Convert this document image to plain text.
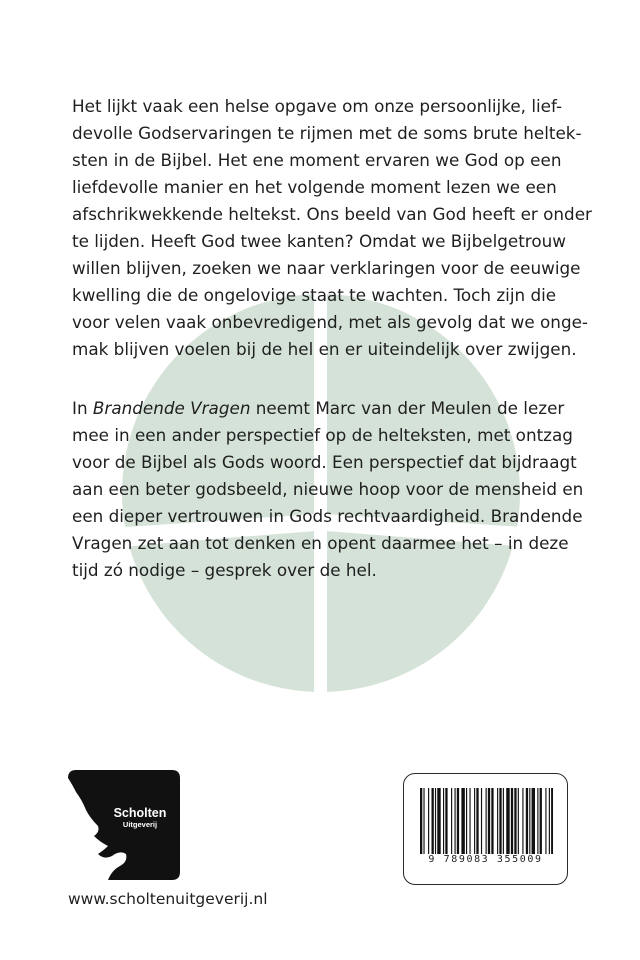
Het lijkt vaak een helse opgave om onze persoonlijke, lief-
devolle Godservaringen te rijmen met de soms brute heltek-
sten in de Bijbel. Het ene moment ervaren we God op een
liefdevolle manier en het volgende moment lezen we een
afschrikwekkende heltekst. Ons beeld van God heeft er onder
te lijden. Heeft God twee kanten? Omdat we Bijbelgetrouw
willen blijven, zoeken we naar verklaringen voor de eeuwige
kwelling die de ongelovige staat te wachten. Toch zijn die
voor velen vaak onbevredigend, met als gevolg dat we onge-
mak blijven voelen bij de hel en er uiteindelijk over zwijgen.

In Brandende Vragen neemt Marc van der Meulen de lezer
mee in een ander perspectief op de helteksten, met ontzag
voor de Bijbel als Gods woord. Een perspectief dat bijdraagt
aan een beter godsbeeld, nieuwe hoop voor de mensheid en
een dieper vertrouwen in Gods rechtvaardigheid. Brandende
Vragen zet aan tot denken en opent daarmee het – in deze
tijd zó nodige – gesprek over de hel.

Scholten
Uitgeverij
www.scholtenuitgeverij.nl
9 789083 355009
